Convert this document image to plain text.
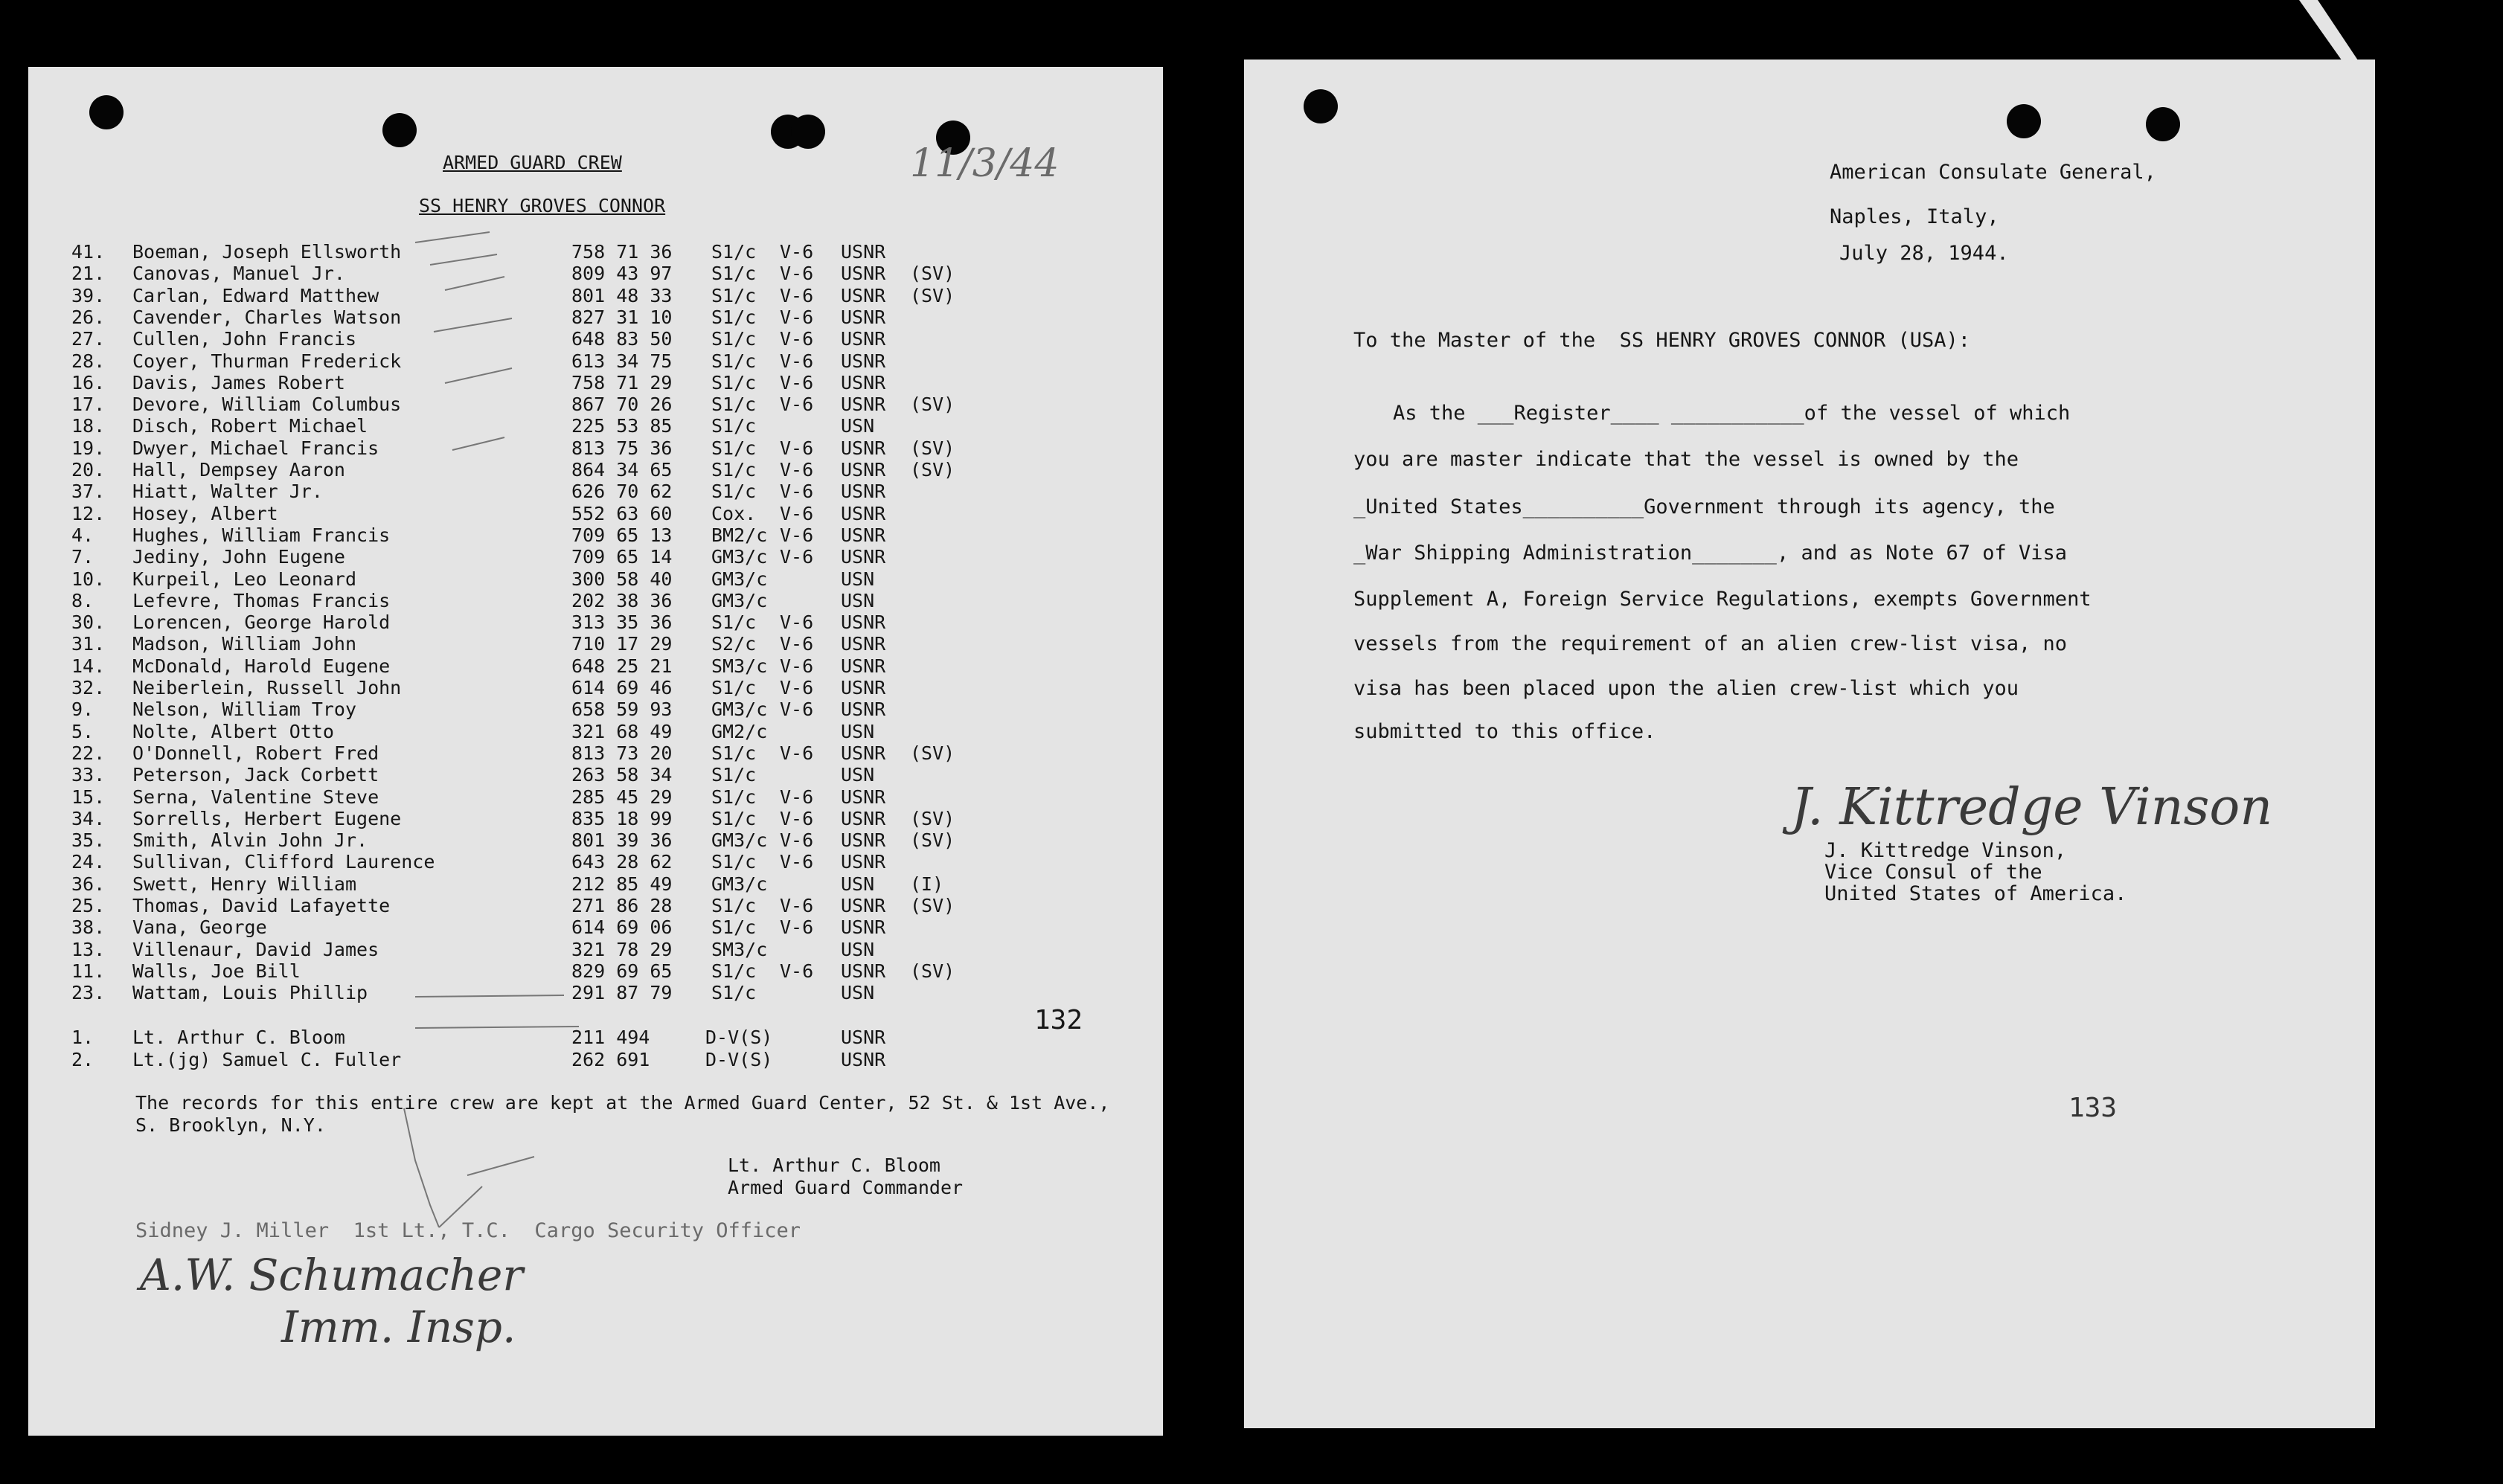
11/3/44
ARMED GUARD CREW
SS HENRY GROVES CONNOR
41. Boeman, Joseph Ellsworth	758 71 36 S1/c V-6 USNR
21. Canovas, Manuel Jr.	809 43 97 S1/c V-6 USNR (SV)
39. Carlan, Edward Matthew	801 48 33 S1/c V-6 USNR (SV)
26. Cavender, Charles Watson	827 31 10 S1/c V-6 USNR
27. Cullen, John Francis	648 83 50 S1/c V-6 USNR
28. Coyer, Thurman Frederick	613 34 75 S1/c V-6 USNR
16. Davis, James Robert	758 71 29 S1/c V-6 USNR
17. Devore, William Columbus	867 70 26 S1/c V-6 USNR (SV)
18. Disch, Robert Michael	225 53 85 S1/c	USN
19. Dwyer, Michael Francis	813 75 36 S1/c V-6 USNR (SV)
20. Hall, Dempsey Aaron	864 34 65 S1/c V-6 USNR (SV)
37. Hiatt, Walter Jr.	626 70 62 S1/c V-6 USNR
12. Hosey, Albert	552 63 60 Cox. V-6 USNR
4. Hughes, William Francis	709 65 13 BM2/c V-6 USNR
7. Jediny, John Eugene	709 65 14 GM3/c V-6 USNR
10. Kurpeil, Leo Leonard	300 58 40 GM3/c	USN
8. Lefevre, Thomas Francis	202 38 36 GM3/c	USN
30. Lorencen, George Harold	313 35 36 S1/c V-6 USNR
31. Madson, William John	710 17 29 S2/c V-6 USNR
14. McDonald, Harold Eugene	648 25 21 SM3/c V-6 USNR
32. Neiberlein, Russell John	614 69 46 S1/c V-6 USNR
9. Nelson, William Troy	658 59 93 GM3/c V-6 USNR
5. Nolte, Albert Otto	321 68 49 GM2/c	USN
22. O'Donnell, Robert Fred	813 73 20 S1/c V-6 USNR (SV)
33. Peterson, Jack Corbett	263 58 34 S1/c	USN
15. Serna, Valentine Steve	285 45 29 S1/c V-6 USNR
34. Sorrells, Herbert Eugene	835 18 99 S1/c V-6 USNR (SV)
35. Smith, Alvin John Jr.	801 39 36 GM3/c V-6 USNR (SV)
24. Sullivan, Clifford Laurence	643 28 62 S1/c V-6 USNR
36. Swett, Henry William	212 85 49 GM3/c	USN (I)
25. Thomas, David Lafayette	271 86 28 S1/c V-6 USNR (SV)
38. Vana, George	614 69 06 S1/c V-6 USNR
13. Villenaur, David James	321 78 29 SM3/c	USN
11. Walls, Joe Bill	829 69 65 S1/c V-6 USNR (SV)
23. Wattam, Louis Phillip	291 87 79 S1/c	USN
1. Lt. Arthur C. Bloom	211 494	D-V(S)	USNR
2. Lt.(jg) Samuel C. Fuller	262 691	D-V(S)	USNR
132
The records for this entire crew are kept at the Armed Guard Center, 52 St. & 1st Ave.,
S. Brooklyn, N.Y.
Lt. Arthur C. Bloom
Armed Guard Commander
Sidney J. Miller  1st Lt., T.C.  Cargo Security Officer
A.W. Schumacher
Imm. Insp.
American Consulate General,
Naples, Italy,
July 28, 1944.
To the Master of the  SS HENRY GROVES CONNOR (USA):
As the ___Register____ ___________of the vessel of which
you are master indicate that the vessel is owned by the
_United States__________Government through its agency, the
_War Shipping Administration_______, and as Note 67 of Visa
Supplement A, Foreign Service Regulations, exempts Government
vessels from the requirement of an alien crew-list visa, no
visa has been placed upon the alien crew-list which you
submitted to this office.
J. Kittredge Vinson
J. Kittredge Vinson,
Vice Consul of the
United States of America.
133
